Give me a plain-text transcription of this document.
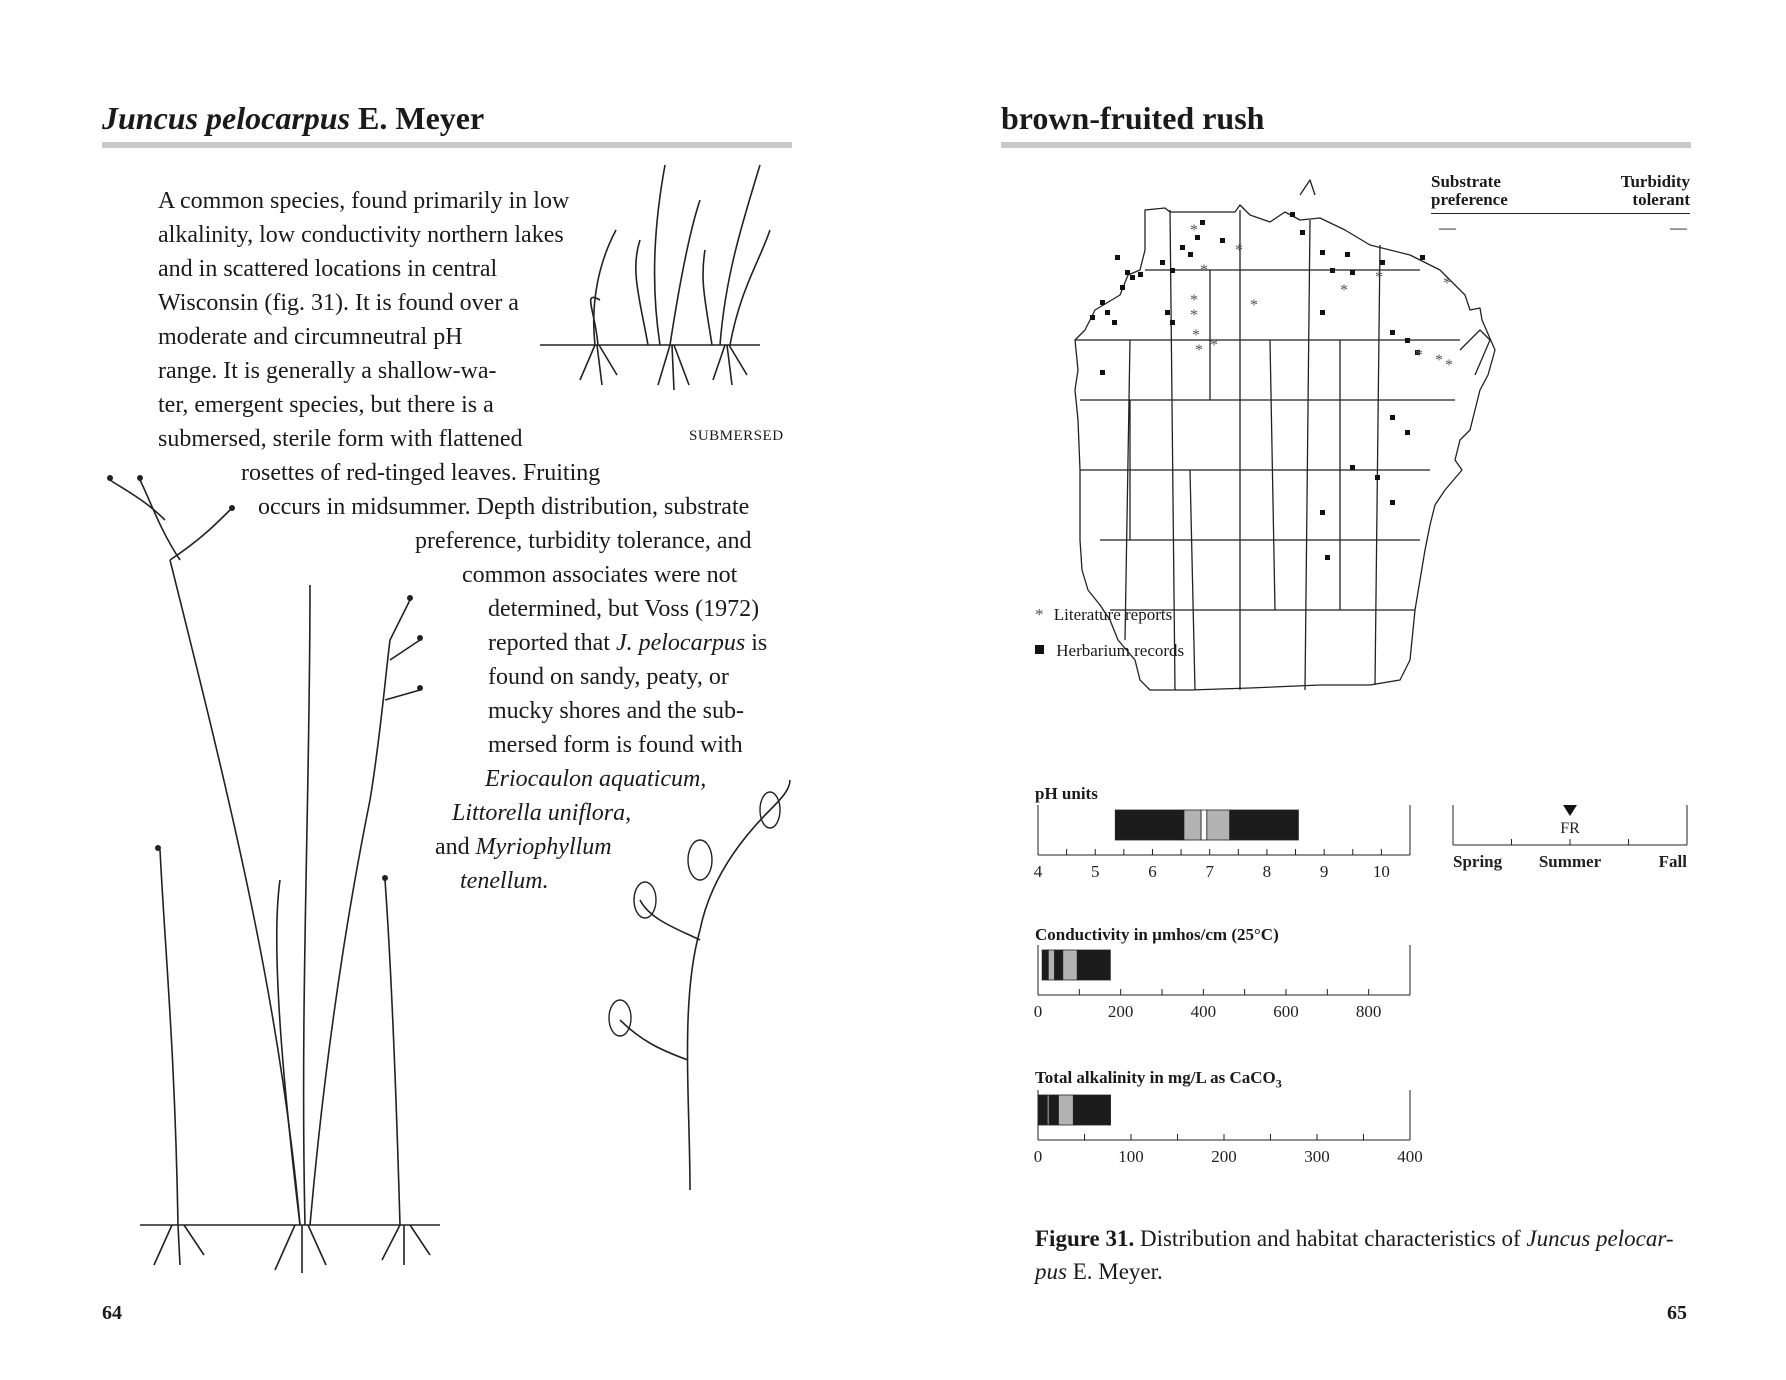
Juncus pelocarpus E. Meyer	brown-fruited rush
A common species, found primarily in low
alkalinity, low conductivity northern lakes
and in scattered locations in central
Wisconsin (fig. 31). It is found over a
moderate and circumneutral pH
range. It is generally a shallow-wa-
ter, emergent species, but there is a
submersed, sterile form with flattened
rosettes of red-tinged leaves. Fruiting
occurs in midsummer. Depth distribution, substrate
preference, turbidity tolerance, and
common associates were not
determined, but Voss (1972)
reported that J. pelocarpus is
found on sandy, peaty, or
mucky shores and the sub-
mersed form is found with
Eriocaulon aquaticum,
Littorella uniflora,
and Myriophyllum
tenellum.
SUBMERSED
64	65
Substrate
preference
Turbidity
tolerant
—	—
*
*
*
*
*
*
* *
*
*
*	*
* * *
* Literature reports
Herbarium records
pH units
4	5	6	7	8	9	10
FR
Spring Summer	Fall
Conductivity in µmhos/cm (25°C)
0	200	400	600	800
Total alkalinity in mg/L as CaCO$_3$
0	100	200	300	400
Figure 31. Distribution and habitat characteristics of Juncus pelocar-
pus E. Meyer.
